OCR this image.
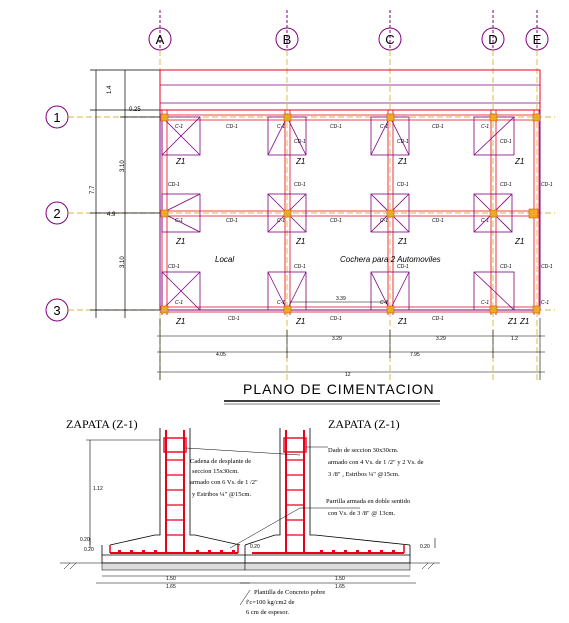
A	B	C	D	E
1
2
3
1.4
0.25
3.10
7.7
3.10
4.9
Z1	Z1	Z1	Z1
Z1	Z1	Z1	Z1
Z1	Z1	Z1	Z1 Z1
CD-1	CD-1	CD-1
CD-1	CD-1	CD-1
CD-1	CD-1	CD-1
CD-1	CD-1	CD-1	CD-1	CD-1
CD-1	CD-1	CD-1	CD-1	CD-1
CD-1	CD-1	CD-1
C-1	C-1	C-1	C-1
C-1	C-1	C-1	C-1
C-1	C-1	C-1	C-1	C-1
Local	Cochera para 2 Automoviles
3.39
4.05
3.29	3.29	1.2
7.95
12
PLANO DE CIMENTACION
ZAPATA (Z-1)	ZAPATA (Z-1)
1.12
0.20
0.20
1.50
1.65
0.20	0.20
1.50
1.65
Cadena de desplante de
seccion 15x30cm.
armado con 6 Vs. de 1 /2"
y Estribos ¼" @15cm.
Dado de seccion 30x30cm.
armado con 4 Vs. de 1 /2" y 2 Vs. de
3 /8" , Estribos ¼" @15cm.
Parrilla armada en doble sentido
con Vs. de 3 /8" @ 13cm.
Plantilla de Concreto pobre
f'c=100 kg/cm2 de
6 cm de espesor.
